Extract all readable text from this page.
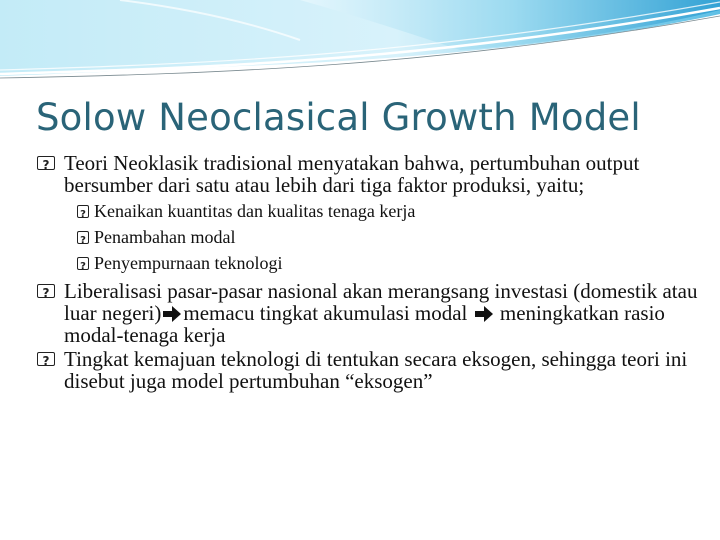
Solow Neoclasical Growth Model
?
Teori Neoklasik tradisional menyatakan bahwa, pertumbuhan output bersumber dari satu atau lebih dari tiga faktor produksi, yaitu;
?
Kenaikan kuantitas dan kualitas tenaga kerja
?
Penambahan modal
?
Penyempurnaan teknologi
?
Liberalisasi pasar-pasar nasional akan merangsang investasi (domestik atau luar negeri) memacu tingkat akumulasi modal  meningkatkan rasio modal-tenaga kerja
?
Tingkat kemajuan teknologi di tentukan secara eksogen, sehingga teori ini disebut juga model pertumbuhan “eksogen”
